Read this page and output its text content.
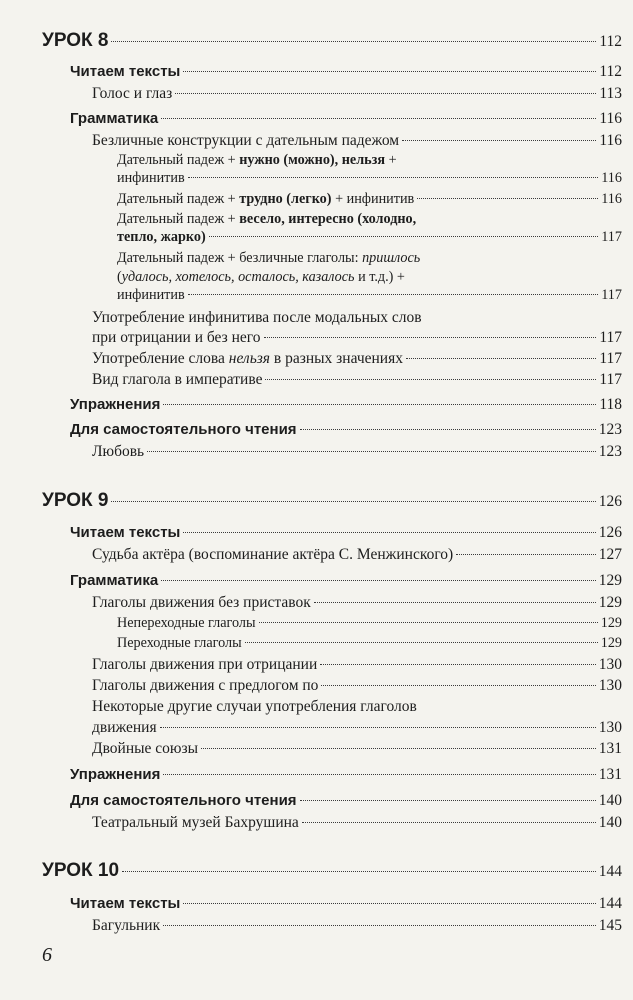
УРОК 8	112
Читаем тексты	112
Голос и глаз	113
Грамматика	116
Безличные конструкции с дательным падежом	116
Дательный падеж + нужно (можно), нельзя +
инфинитив	116
Дательный падеж + трудно (легко) + инфинитив	116
Дательный падеж + весело, интересно (холодно,
тепло, жарко)	117
Дательный падеж + безличные глаголы: пришлось
(удалось, хотелось, осталось, казалось и т.д.) +
инфинитив	117
Употребление инфинитива после модальных слов
при отрицании и без него	117
Употребление слова нельзя в разных значениях	117
Вид глагола в императиве	117
Упражнения	118
Для самостоятельного чтения	123
Любовь	123
УРОК 9	126
Читаем тексты	126
Судьба актёра (воспоминание актёра С. Менжинского)	127
Грамматика	129
Глаголы движения без приставок	129
Непереходные глаголы	129
Переходные глаголы	129
Глаголы движения при отрицании	130
Глаголы движения с предлогом по	130
Некоторые другие случаи употребления глаголов
движения	130
Двойные союзы	131
Упражнения	131
Для самостоятельного чтения	140
Театральный музей Бахрушина	140
УРОК 10	144
Читаем тексты	144
Багульник	145
6
